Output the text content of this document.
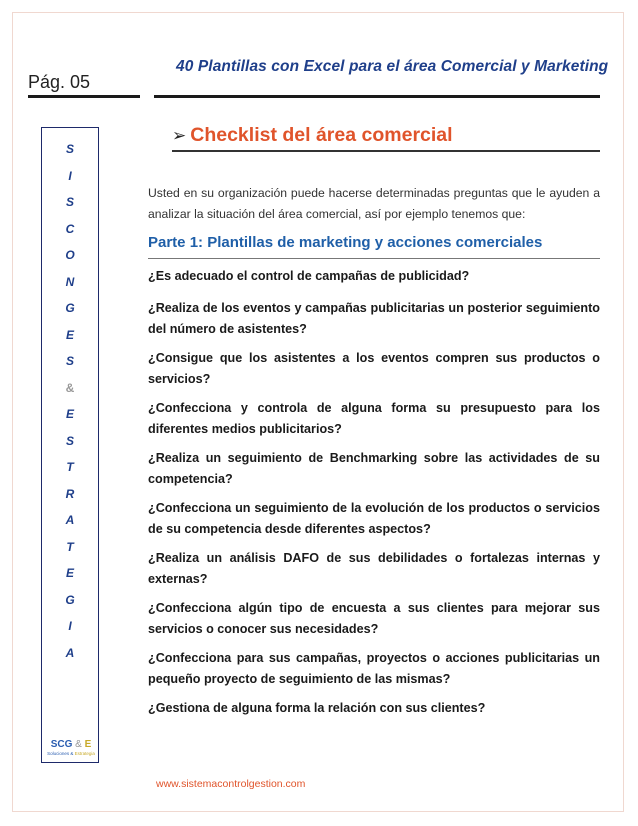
Pág. 05
40 Plantillas con Excel para el área Comercial y Marketing
S
I
S
C
O
N
G
E
S
&
E
S
T
R
A
T
E
G
I
A
SCG & E
Soluciones & Estrategia
➢ Checklist del área comercial

Usted en su organización puede hacerse determinadas preguntas que le ayuden a analizar la situación del área comercial, así por ejemplo tenemos que:

Parte 1: Plantillas de marketing y acciones comerciales
¿Es adecuado el control de campañas de publicidad?
¿Realiza de los eventos y campañas publicitarias un posterior seguimiento del número de asistentes?
¿Consigue que los asistentes a los eventos compren sus productos o servicios?
¿Confecciona y controla de alguna forma su presupuesto para los diferentes medios publicitarios?
¿Realiza un seguimiento de Benchmarking sobre las actividades de su competencia?
¿Confecciona un seguimiento de la evolución de los productos o servicios de su competencia desde diferentes aspectos?
¿Realiza un análisis DAFO de sus debilidades o fortalezas internas y externas?
¿Confecciona algún tipo de encuesta a sus clientes para mejorar sus servicios o conocer sus necesidades?
¿Confecciona para sus campañas, proyectos o acciones publicitarias un pequeño proyecto de seguimiento de las mismas?
¿Gestiona de alguna forma la relación con sus clientes?
www.sistemacontrolgestion.com
